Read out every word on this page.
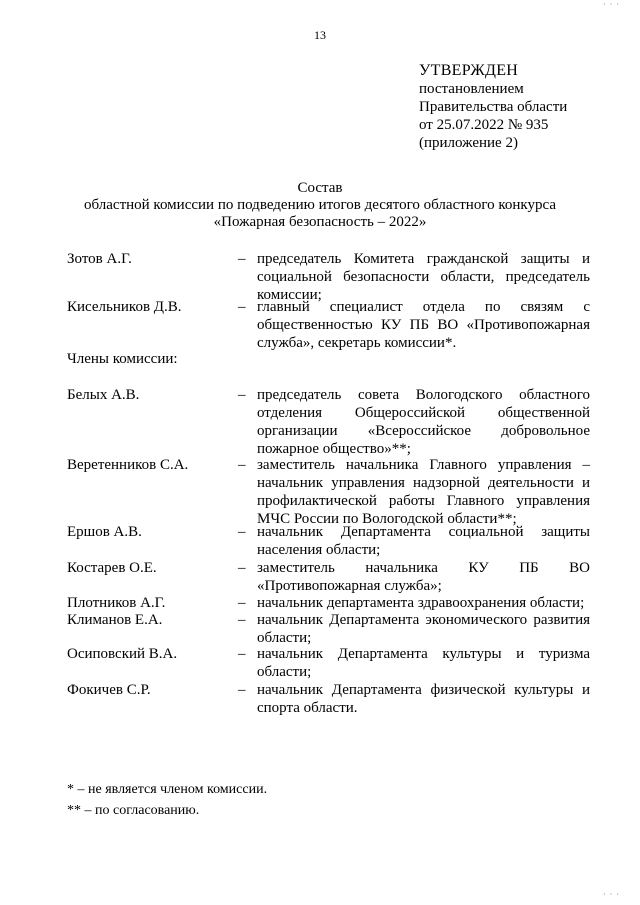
13
УТВЕРЖДЕН
постановлением
Правительства области
от 25.07.2022 № 935
(приложение 2)
Состав
областной комиссии по подведению итогов десятого областного конкурса
«Пожарная безопасность – 2022»
Зотов А.Г.	– председатель Комитета гражданской защиты и
социальной безопасности области, председатель
комиссии;
Кисельников Д.В.	– главный специалист отдела по связям с
общественностью КУ ПБ ВО «Противопожарная
служба», секретарь комиссии*.
Члены комиссии:
Белых А.В.	– председатель совета Вологодского областного
отделения Общероссийской общественной
организации «Всероссийское добровольное
пожарное общество»**;
Веретенников С.А.	– заместитель начальника Главного управления –
начальник управления надзорной деятельности и
профилактической работы Главного управления
МЧС России по Вологодской области**;
Ершов А.В.	– начальник Департамента социальной защиты
населения области;
Костарев О.Е.	– заместитель начальника КУ ПБ ВО
«Противопожарная служба»;
Плотников А.Г.	– начальник департамента здравоохранения области;
Климанов Е.А.	– начальник Департамента экономического развития
области;
Осиповский В.А.	– начальник Департамента культуры и туризма
области;
Фокичев С.Р.	– начальник Департамента физической культуры и
спорта области.
* – не является членом комиссии.
** – по согласованию.
· · ·
· · ·
